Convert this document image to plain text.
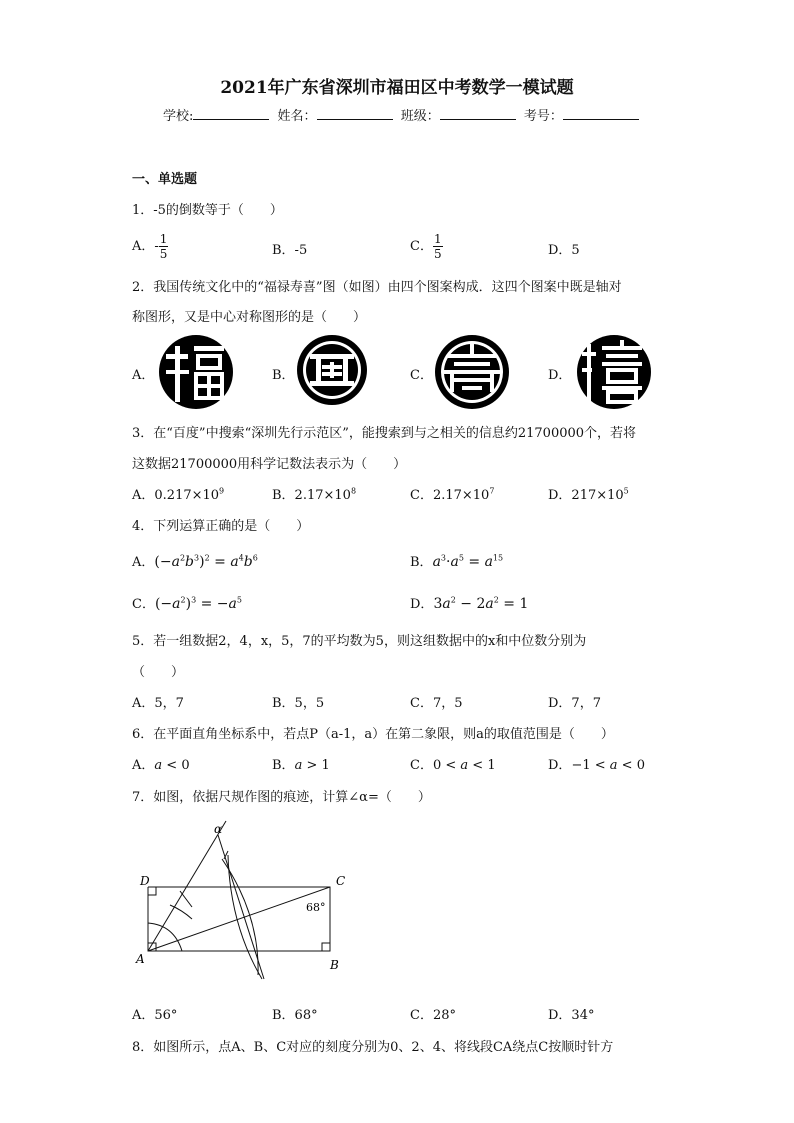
2021年广东省深圳市福田区中考数学一模试题
学校:	姓名：	班级：	考号：
一、单选题
1．-5的倒数等于（　　）
A．- $\frac{1}{5}$	B．-5	C． $\frac{1}{5}$	D．5
2．我国传统文化中的“福禄寿喜”图（如图）由四个图案构成．这四个图案中既是轴对
称图形，又是中心对称图形的是（　　）
A．	B．	C．	D．
3．在“百度”中搜索“深圳先行示范区”，能搜索到与之相关的信息约21700000个，若将
这数据21700000用科学记数法表示为（　　）
A．$0.217\times 10^9$	B．$2.17\times 10^8$	C．$2.17\times 10^7$	D．$217\times 10^5$
4．下列运算正确的是（　　）
A．$(-a^2b^3)^2 = a^4b^6$	B．$a^3\cdot a^5 = a^{15}$
C．$(-a^2)^3 = -a^5$	D．$3a^2 - 2a^2 = 1$
5．若一组数据2，4，x，5，7的平均数为5，则这组数据中的x和中位数分别为
（　　）
A．5，7	B．5，5	C．7，5	D．7，7
6．在平面直角坐标系中，若点P（a-1，a）在第二象限，则a的取值范围是（　　）
A．a < 0	B．a > 1	C．0 < a < 1	D．−1 < a < 0
7．如图，依据尺规作图的痕迹，计算∠α=（　　）
α
D	C
A	B
68°
A．56°	B．68°	C．28°	D．34°
8．如图所示，点A、B、C对应的刻度分别为0、2、4、将线段CA绕点C按顺时针方
